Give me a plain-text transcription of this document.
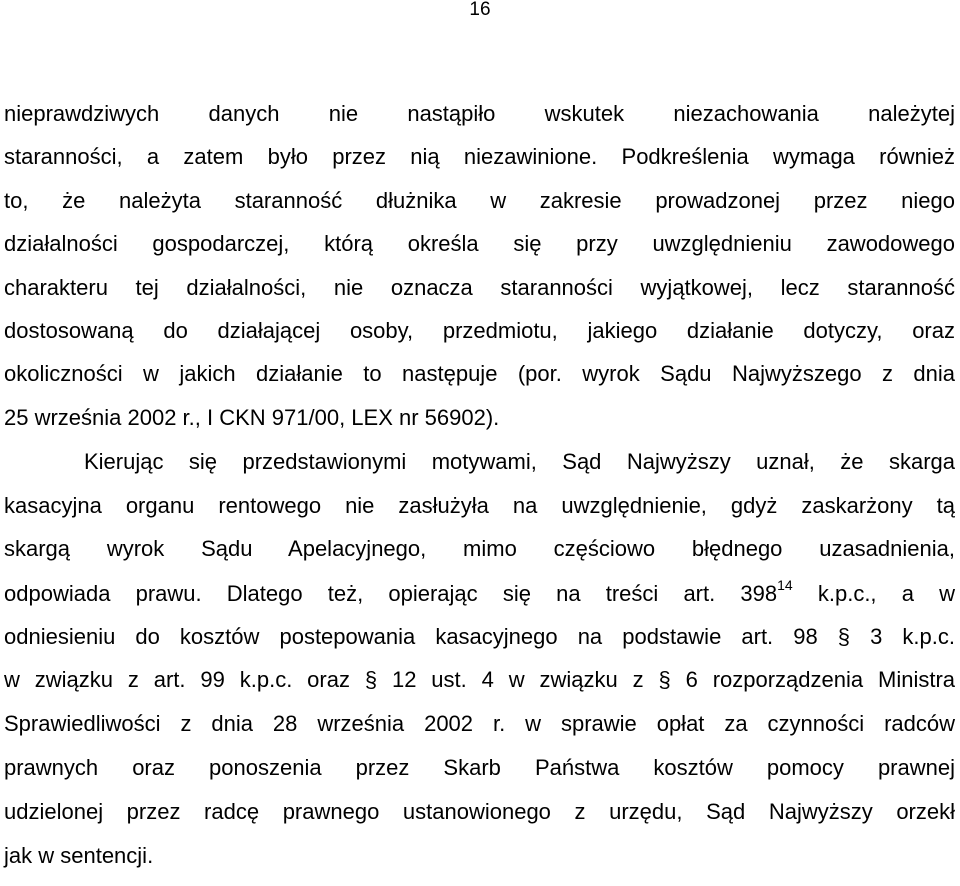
16
nieprawdziwych danych nie nastąpiło wskutek niezachowania należytej
staranności, a zatem było przez nią niezawinione. Podkreślenia wymaga również
to, że należyta staranność dłużnika w zakresie prowadzonej przez niego
działalności gospodarczej, którą określa się przy uwzględnieniu zawodowego
charakteru tej działalności, nie oznacza staranności wyjątkowej, lecz staranność
dostosowaną do działającej osoby, przedmiotu, jakiego działanie dotyczy, oraz
okoliczności w jakich działanie to następuje (por. wyrok Sądu Najwyższego z dnia
25 września 2002 r., I CKN 971/00, LEX nr 56902).
Kierując się przedstawionymi motywami, Sąd Najwyższy uznał, że skarga
kasacyjna organu rentowego nie zasłużyła na uwzględnienie, gdyż zaskarżony tą
skargą wyrok Sądu Apelacyjnego, mimo częściowo błędnego uzasadnienia,
odpowiada prawu. Dlatego też, opierając się na treści art. $398^{14}$ k.p.c., a w
odniesieniu do kosztów postepowania kasacyjnego na podstawie art. 98 § 3 k.p.c.
w związku z art. 99 k.p.c. oraz § 12 ust. 4 w związku z § 6 rozporządzenia Ministra
Sprawiedliwości z dnia 28 września 2002 r. w sprawie opłat za czynności radców
prawnych oraz ponoszenia przez Skarb Państwa kosztów pomocy prawnej
udzielonej przez radcę prawnego ustanowionego z urzędu, Sąd Najwyższy orzekł
jak w sentencji.
